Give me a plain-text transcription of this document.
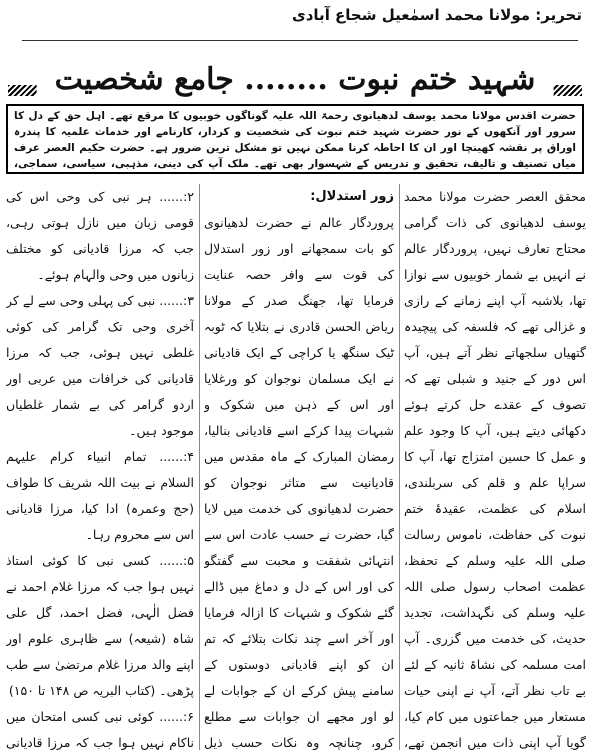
تحریر: مولانا محمد اسمٰعیل شجاع آبادی
شہید ختم نبوت ........ جامع شخصیت
حضرت اقدس مولانا محمد یوسف لدھیانوی رحمۃ اللہ علیہ گوناگوں خوبیوں کا مرقع تھے۔ اہل حق کے دل کا سرور اور آنکھوں کے نور حضرت شہید ختم نبوت کی شخصیت و کردار، کارنامے اور خدمات علمیہ کا پندرہ اوراق پر نقشہ کھینچا اور ان کا احاطہ کرنا ممکن نہیں تو مشکل ترین ضرور ہے۔ حضرت حکیم العصر عرف میاں تصنیف و تالیف، تحقیق و تدریس کے شہسوار بھی تھے۔ ملک آپ کی دینی، مذہبی، سیاسی، سماجی،

محقق العصر حضرت مولانا محمد یوسف لدھیانوی کی ذات گرامی محتاج تعارف نہیں، پروردگار عالم نے انہیں بے شمار خوبیوں سے نوازا تھا، بلاشبہ آپ اپنے زمانے کے رازی و غزالی تھے کہ فلسفہ کی پیچیدہ گتھیاں سلجھاتے نظر آتے ہیں، آپ اس دور کے جنید و شبلی تھے کہ تصوف کے عقدے حل کرتے ہوئے دکھائی دیتے ہیں، آپ کا وجود علم و عمل کا حسین امتزاج تھا، آپ کا سراپا علم و قلم کی سربلندی، اسلام کی عظمت، عقیدۂ ختم نبوت کی حفاظت، ناموس رسالت صلی اللہ علیہ وسلم کے تحفظ، عظمت اصحاب رسول صلی اللہ علیہ وسلم کی نگہداشت، تجدید حدیث، کی خدمت میں گزری۔ آپ امت مسلمہ کی نشاۃ ثانیہ کے لئے بے تاب نظر آتے، آپ نے اپنی حیات مستعار میں جماعتوں میں کام کیا، گویا آپ اپنی ذات میں انجمن تھے،

زور استدلال:

پروردگار عالم نے حضرت لدھیانوی کو بات سمجھانے اور زور استدلال کی قوت سے وافر حصہ عنایت فرمایا تھا، جھنگ صدر کے مولانا ریاض الحسن قادری نے بتلایا کہ ٹوبہ ٹیک سنگھ یا کراچی کے ایک قادیانی نے ایک مسلمان نوجوان کو ورغلایا اور اس کے ذہن میں شکوک و شبہات پیدا کرکے اسے قادیانی بنالیا، رمضان المبارک کے ماہ مقدس میں قادیانیت سے متاثر نوجوان کو حضرت لدھیانوی کی خدمت میں لایا گیا، حضرت نے حسب عادت اس سے انتہائی شفقت و محبت سے گفتگو کی اور اس کے دل و دماغ میں ڈالے گئے شکوک و شبہات کا ازالہ فرمایا اور آخر اسے چند نکات بتلائے کہ تم ان کو اپنے قادیانی دوستوں کے سامنے پیش کرکے ان کے جوابات لے لو اور مجھے ان جوابات سے مطلع کرو، چنانچہ وہ نکات حسب ذیل

۲:...... ہر نبی کی وحی اس کی قومی زبان میں نازل ہوتی رہی، جب کہ مرزا قادیانی کو مختلف زبانوں میں وحی والہام ہوئے۔

۳:...... نبی کی پہلی وحی سے لے کر آخری وحی تک گرامر کی کوئی غلطی نہیں ہوئی، جب کہ مرزا قادیانی کی خرافات میں عربی اور اردو گرامر کی بے شمار غلطیاں موجود ہیں۔

۴:...... تمام انبیاء کرام علیہم السلام نے بیت اللہ شریف کا طواف (حج وعمرہ) ادا کیا، مرزا قادیانی اس سے محروم رہا۔

۵:...... کسی نبی کا کوئی استاذ نہیں ہوا جب کہ مرزا غلام احمد نے فضل الٰہی، فضل احمد، گل علی شاہ (شیعہ) سے ظاہری علوم اور اپنے والد مرزا غلام مرتضیٰ سے طب پڑھی۔ (کتاب البریہ ص ۱۴۸ تا ۱۵۰)

۶:...... کوئی نبی کسی امتحان میں ناکام نہیں ہوا جب کہ مرزا قادیانی
